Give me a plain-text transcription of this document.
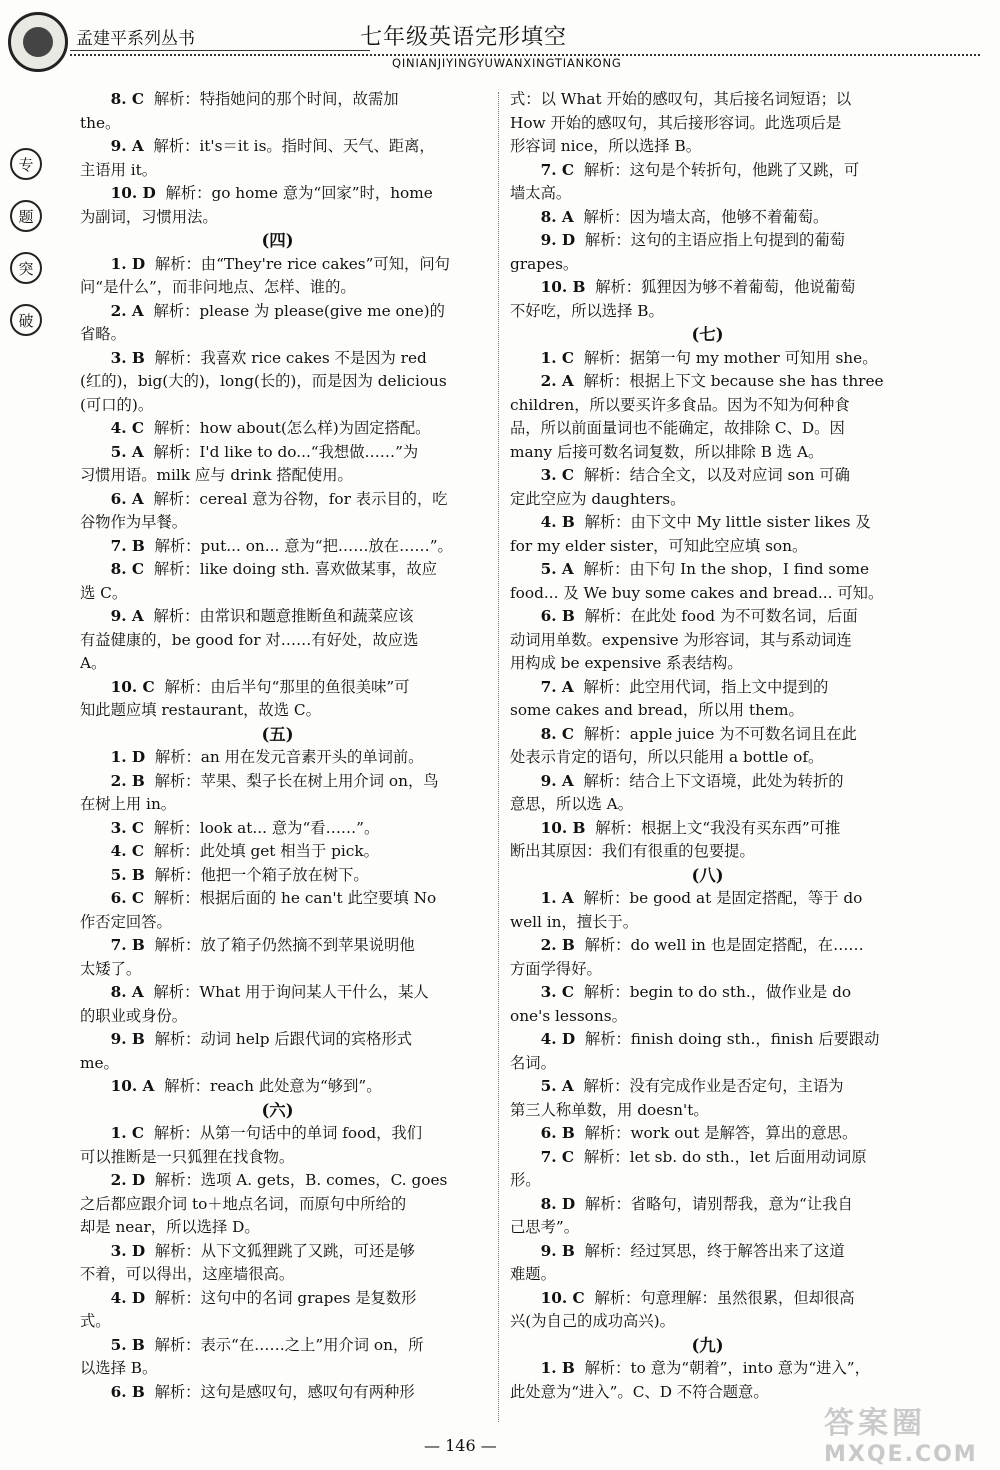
孟建平系列丛书	七年级英语完形填空
QINIANJIYINGYUWANXINGTIANKONG
专
题
突
破
8. C 解析：特指她问的那个时间，故需加
the。
9. A 解析：it's＝it is。指时间、天气、距离，
主语用 it。
10. D 解析：go home 意为“回家”时，home
为副词，习惯用法。
(四)
1. D 解析：由“They're rice cakes”可知，问句
问“是什么”，而非问地点、怎样、谁的。
2. A 解析：please 为 please(give me one)的
省略。
3. B 解析：我喜欢 rice cakes 不是因为 red
(红的)，big(大的)，long(长的)，而是因为 delicious
(可口的)。
4. C 解析：how about(怎么样)为固定搭配。
5. A 解析：I'd like to do...“我想做……”为
习惯用语。milk 应与 drink 搭配使用。
6. A 解析：cereal 意为谷物，for 表示目的，吃
谷物作为早餐。
7. B 解析：put... on... 意为“把……放在……”。
8. C 解析：like doing sth. 喜欢做某事，故应
选 C。
9. A 解析：由常识和题意推断鱼和蔬菜应该
有益健康的，be good for 对……有好处，故应选
A。
10. C 解析：由后半句“那里的鱼很美味”可
知此题应填 restaurant，故选 C。
(五)
1. D 解析：an 用在发元音素开头的单词前。
2. B 解析：苹果、梨子长在树上用介词 on，鸟
在树上用 in。
3. C 解析：look at... 意为“看……”。
4. C 解析：此处填 get 相当于 pick。
5. B 解析：他把一个箱子放在树下。
6. C 解析：根据后面的 he can't 此空要填 No
作否定回答。
7. B 解析：放了箱子仍然摘不到苹果说明他
太矮了。
8. A 解析：What 用于询问某人干什么，某人
的职业或身份。
9. B 解析：动词 help 后跟代词的宾格形式
me。
10. A 解析：reach 此处意为“够到”。
(六)
1. C 解析：从第一句话中的单词 food，我们
可以推断是一只狐狸在找食物。
2. D 解析：选项 A. gets，B. comes，C. goes
之后都应跟介词 to＋地点名词，而原句中所给的
却是 near，所以选择 D。
3. D 解析：从下文狐狸跳了又跳，可还是够
不着，可以得出，这座墙很高。
4. D 解析：这句中的名词 grapes 是复数形
式。
5. B 解析：表示“在……之上”用介词 on，所
以选择 B。
6. B 解析：这句是感叹句，感叹句有两种形
式：以 What 开始的感叹句，其后接名词短语；以
How 开始的感叹句，其后接形容词。此选项后是
形容词 nice，所以选择 B。
7. C 解析：这句是个转折句，他跳了又跳，可
墙太高。
8. A 解析：因为墙太高，他够不着葡萄。
9. D 解析：这句的主语应指上句提到的葡萄
grapes。
10. B 解析：狐狸因为够不着葡萄，他说葡萄
不好吃，所以选择 B。
(七)
1. C 解析：据第一句 my mother 可知用 she。
2. A 解析：根据上下文 because she has three
children，所以要买许多食品。因为不知为何种食
品，所以前面量词也不能确定，故排除 C、D。因
many 后接可数名词复数，所以排除 B 选 A。
3. C 解析：结合全文，以及对应词 son 可确
定此空应为 daughters。
4. B 解析：由下文中 My little sister likes 及
for my elder sister，可知此空应填 son。
5. A 解析：由下句 In the shop，I find some
food... 及 We buy some cakes and bread... 可知。
6. B 解析：在此处 food 为不可数名词，后面
动词用单数。expensive 为形容词，其与系动词连
用构成 be expensive 系表结构。
7. A 解析：此空用代词，指上文中提到的
some cakes and bread，所以用 them。
8. C 解析：apple juice 为不可数名词且在此
处表示肯定的语句，所以只能用 a bottle of。
9. A 解析：结合上下文语境，此处为转折的
意思，所以选 A。
10. B 解析：根据上文“我没有买东西”可推
断出其原因：我们有很重的包要提。
(八)
1. A 解析：be good at 是固定搭配，等于 do
well in，擅长于。
2. B 解析：do well in 也是固定搭配，在……
方面学得好。
3. C 解析：begin to do sth.，做作业是 do
one's lessons。
4. D 解析：finish doing sth.，finish 后要跟动
名词。
5. A 解析：没有完成作业是否定句，主语为
第三人称单数，用 doesn't。
6. B 解析：work out 是解答，算出的意思。
7. C 解析：let sb. do sth.，let 后面用动词原
形。
8. D 解析：省略句，请别帮我，意为“让我自
己思考”。
9. B 解析：经过冥思，终于解答出来了这道
难题。
10. C 解析：句意理解：虽然很累，但却很高
兴(为自己的成功高兴)。
(九)
1. B 解析：to 意为“朝着”，into 意为“进入”，
此处意为“进入”。C、D 不符合题意。
— 146 —
答案圈
MXQE.COM
